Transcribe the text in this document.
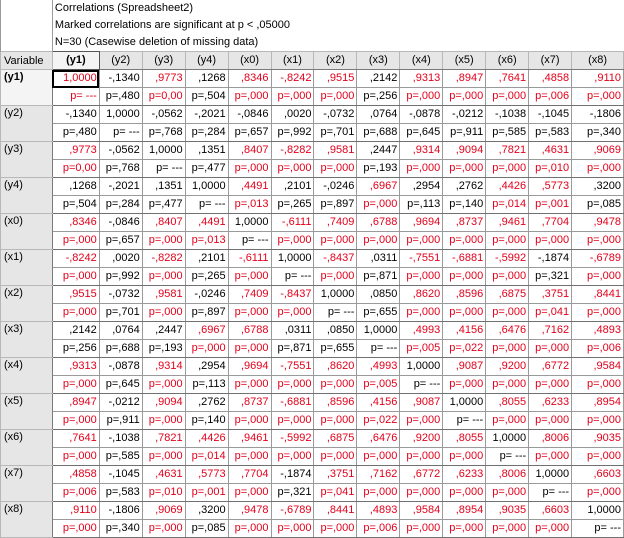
	Correlations (Spreadsheet2)												
	Marked correlations are significant at p < ,05000												
	N=30 (Casewise deletion of missing data)												
Variable	(y1)	(y2)	(y3)	(y4)	(x0)	(x1)	(x2)	(x3)	(x4)	(x5)	(x6)	(x7)	(x8)
(y1)	1,0000	-,1340	,9773	,1268	,8346	-,8242	,9515	,2142	,9313	,8947	,7641	,4858	,9110
	p= ---	p=,480	p=0,00	p=,504	p=,000	p=,000	p=,000	p=,256	p=,000	p=,000	p=,000	p=,006	p=,000
(y2)	-,1340	1,0000	-,0562	-,2021	-,0846	,0020	-,0732	,0764	-,0878	-,0212	-,1038	-,1045	-,1806
	p=,480	p= ---	p=,768	p=,284	p=,657	p=,992	p=,701	p=,688	p=,645	p=,911	p=,585	p=,583	p=,340
(y3)	,9773	-,0562	1,0000	,1351	,8407	-,8282	,9581	,2447	,9314	,9094	,7821	,4631	,9069
	p=0,00	p=,768	p= ---	p=,477	p=,000	p=,000	p=,000	p=,193	p=,000	p=,000	p=,000	p=,010	p=,000
(y4)	,1268	-,2021	,1351	1,0000	,4491	,2101	-,0246	,6967	,2954	,2762	,4426	,5773	,3200
	p=,504	p=,284	p=,477	p= ---	p=,013	p=,265	p=,897	p=,000	p=,113	p=,140	p=,014	p=,001	p=,085
(x0)	,8346	-,0846	,8407	,4491	1,0000	-,6111	,7409	,6788	,9694	,8737	,9461	,7704	,9478
	p=,000	p=,657	p=,000	p=,013	p= ---	p=,000	p=,000	p=,000	p=,000	p=,000	p=,000	p=,000	p=,000
(x1)	-,8242	,0020	-,8282	,2101	-,6111	1,0000	-,8437	,0311	-,7551	-,6881	-,5992	-,1874	-,6789
	p=,000	p=,992	p=,000	p=,265	p=,000	p= ---	p=,000	p=,871	p=,000	p=,000	p=,000	p=,321	p=,000
(x2)	,9515	-,0732	,9581	-,0246	,7409	-,8437	1,0000	,0850	,8620	,8596	,6875	,3751	,8441
	p=,000	p=,701	p=,000	p=,897	p=,000	p=,000	p= ---	p=,655	p=,000	p=,000	p=,000	p=,041	p=,000
(x3)	,2142	,0764	,2447	,6967	,6788	,0311	,0850	1,0000	,4993	,4156	,6476	,7162	,4893
	p=,256	p=,688	p=,193	p=,000	p=,000	p=,871	p=,655	p= ---	p=,005	p=,022	p=,000	p=,000	p=,006
(x4)	,9313	-,0878	,9314	,2954	,9694	-,7551	,8620	,4993	1,0000	,9087	,9200	,6772	,9584
	p=,000	p=,645	p=,000	p=,113	p=,000	p=,000	p=,000	p=,005	p= ---	p=,000	p=,000	p=,000	p=,000
(x5)	,8947	-,0212	,9094	,2762	,8737	-,6881	,8596	,4156	,9087	1,0000	,8055	,6233	,8954
	p=,000	p=,911	p=,000	p=,140	p=,000	p=,000	p=,000	p=,022	p=,000	p= ---	p=,000	p=,000	p=,000
(x6)	,7641	-,1038	,7821	,4426	,9461	-,5992	,6875	,6476	,9200	,8055	1,0000	,8006	,9035
	p=,000	p=,585	p=,000	p=,014	p=,000	p=,000	p=,000	p=,000	p=,000	p=,000	p= ---	p=,000	p=,000
(x7)	,4858	-,1045	,4631	,5773	,7704	-,1874	,3751	,7162	,6772	,6233	,8006	1,0000	,6603
	p=,006	p=,583	p=,010	p=,001	p=,000	p=,321	p=,041	p=,000	p=,000	p=,000	p=,000	p= ---	p=,000
(x8)	,9110	-,1806	,9069	,3200	,9478	-,6789	,8441	,4893	,9584	,8954	,9035	,6603	1,0000
	p=,000	p=,340	p=,000	p=,085	p=,000	p=,000	p=,000	p=,006	p=,000	p=,000	p=,000	p=,000	p= ---
